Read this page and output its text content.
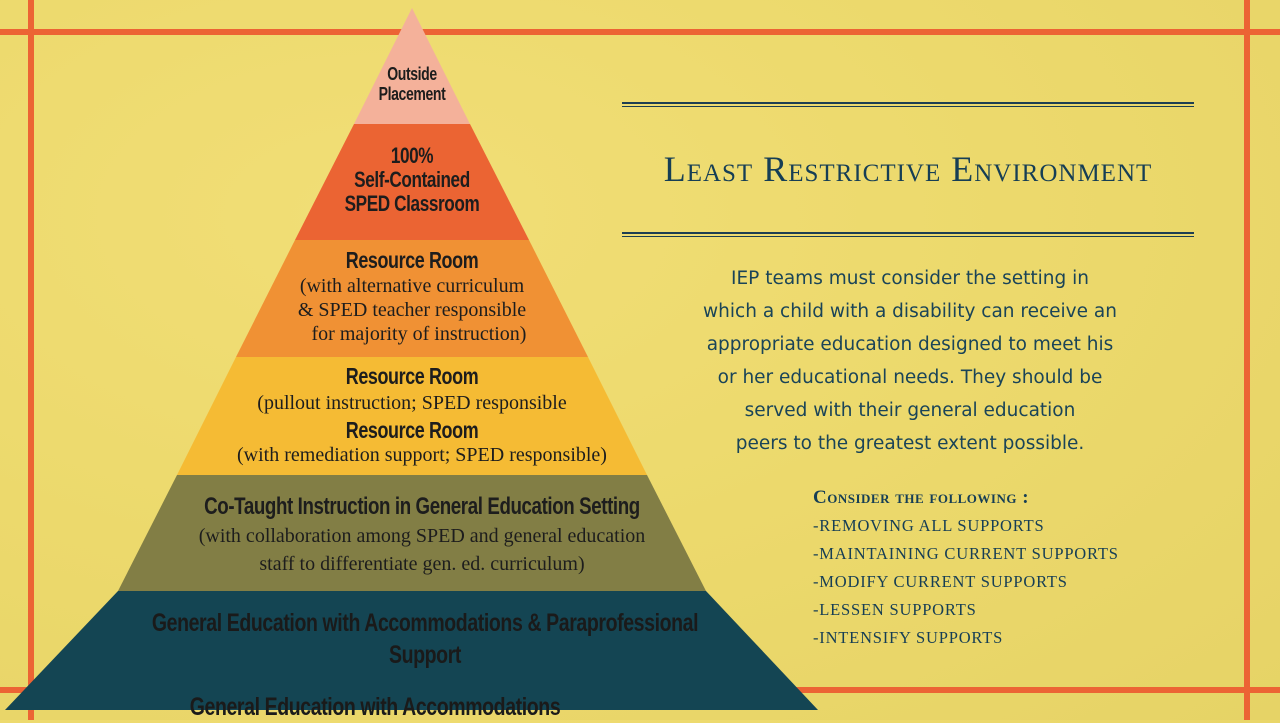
Outside
Placement
100%
Self-Contained
SPED Classroom
Resource Room
(with alternative curriculum
& SPED teacher responsible
for majority of instruction)
Resource Room
(pullout instruction; SPED responsible
Resource Room
(with remediation support; SPED responsible)
Co-Taught Instruction in General Education Setting
(with collaboration among SPED and general education
staff to differentiate gen. ed. curriculum)
General Education with Accommodations & Paraprofessional Support
General Education with Accommodations
Least Restrictive Environment
IEP teams must consider the setting in
which a child with a disability can receive an
appropriate education designed to meet his
or her educational needs. They should be
served with their general education
peers to the greatest extent possible.
Consider the following :
-REMOVING ALL SUPPORTS
-MAINTAINING CURRENT SUPPORTS
-MODIFY CURRENT SUPPORTS
-LESSEN SUPPORTS
-INTENSIFY SUPPORTS
